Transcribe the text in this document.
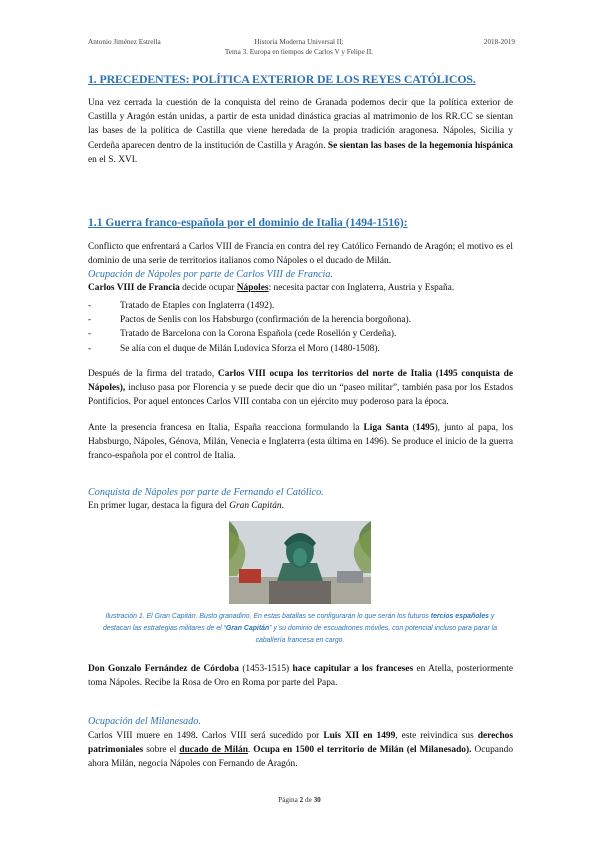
Antonio Jiménez Estrella	Historia Moderna Universal II:
Tema 3. Europa en tiempos de Carlos V y Felipe II.
2018-2019
1. PRECEDENTES: POLÍTICA EXTERIOR DE LOS REYES CATÓLICOS.
Una vez cerrada la cuestión de la conquista del reino de Granada podemos decir que la política exterior de Castilla y Aragón están unidas, a partir de esta unidad dinástica gracias al matrimonio de los RR.CC se sientan las bases de la política de Castilla que viene heredada de la propia tradición aragonesa. Nápoles, Sicilia y Cerdeña aparecen dentro de la institución de Castilla y Aragón. Se sientan las bases de la hegemonía hispánica en el S. XVI.
1.1 Guerra franco-española por el dominio de Italia (1494-1516):
Conflicto que enfrentará a Carlos VIII de Francia en contra del rey Católico Fernando de Aragón; el motivo es el dominio de una serie de territorios italianos como Nápoles o el ducado de Milán.
Ocupación de Nápoles por parte de Carlos VIII de Francia.
Carlos VIII de Francia decide ocupar Nápoles: necesita pactar con Inglaterra, Austria y España.
- Tratado de Etaples con Inglaterra (1492).
- Pactos de Senlis con los Habsburgo (confirmación de la herencia borgoñona).
- Tratado de Barcelona con la Corona Española (cede Rosellón y Cerdeña).
- Se alía con el duque de Milán Ludovica Sforza el Moro (1480-1508).
Después de la firma del tratado, Carlos VIII ocupa los territorios del norte de Italia (1495 conquista de Nápoles), incluso pasa por Florencia y se puede decir que dio un “paseo militar”, también pasa por los Estados Pontificios. Por aquel entonces Carlos VIII contaba con un ejército muy poderoso para la época.
Ante la presencia francesa en Italia, España reacciona formulando la Liga Santa (1495), junto al papa, los Habsburgo, Nápoles, Génova, Milán, Venecia e Inglaterra (esta última en 1496). Se produce el inicio de la guerra franco-española por el control de Italia.
Conquista de Nápoles por parte de Fernando el Católico.
En primer lugar, destaca la figura del Gran Capitán.
Ilustración 1. El Gran Capitán. Busto granadino. En estas batallas se configurarán lo que serán los futuros tercios españoles y destacan las estrategias militares de el “Gran Capitán” y su dominio de escuadrones móviles, con potencial incluso para parar la caballería francesa en cargo.
Don Gonzalo Fernández de Córdoba (1453-1515) hace capitular a los franceses en Atella, posteriormente toma Nápoles. Recibe la Rosa de Oro en Roma por parte del Papa.
Ocupación del Milanesado.
Carlos VIII muere en 1498. Carlos VIII será sucedido por Luis XII en 1499, este reivindica sus derechos patrimoniales sobre el ducado de Milán. Ocupa en 1500 el territorio de Milán (el Milanesado). Ocupando ahora Milán, negocia Nápoles con Fernando de Aragón.
Página 2 de 30
